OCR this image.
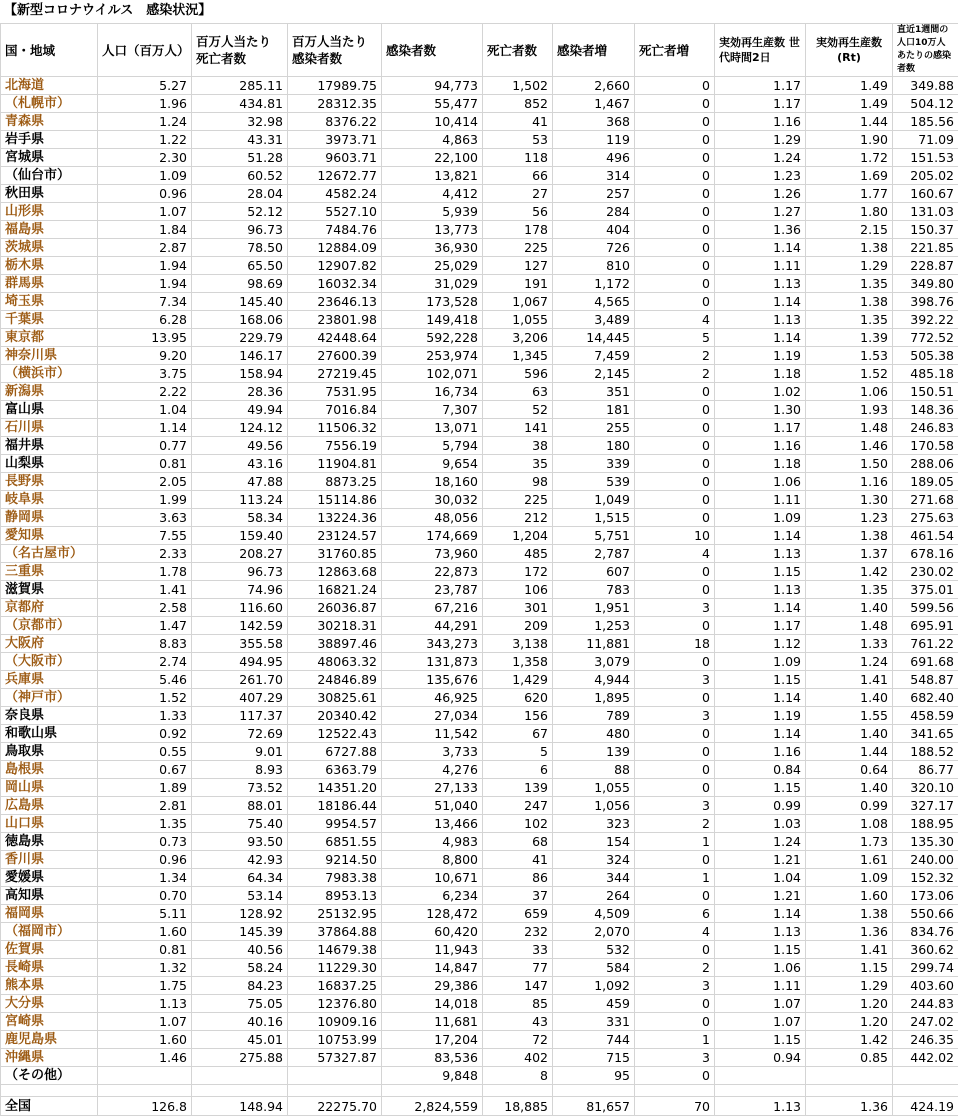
【新型コロナウイルス　感染状況】
国・地域	人口（百万人）	百万人当たり死亡者数	百万人当たり感染者数	感染者数	死亡者数	感染者増	死亡者増	実効再生産数 世代時間2日	実効再生産数 (Rt)	直近1週間の人口10万人あたりの感染者数
北海道	5.27	285.11	17989.75	94,773	1,502	2,660	0	1.17	1.49	349.88
（札幌市）	1.96	434.81	28312.35	55,477	852	1,467	0	1.17	1.49	504.12
青森県	1.24	32.98	8376.22	10,414	41	368	0	1.16	1.44	185.56
岩手県	1.22	43.31	3973.71	4,863	53	119	0	1.29	1.90	71.09
宮城県	2.30	51.28	9603.71	22,100	118	496	0	1.24	1.72	151.53
（仙台市）	1.09	60.52	12672.77	13,821	66	314	0	1.23	1.69	205.02
秋田県	0.96	28.04	4582.24	4,412	27	257	0	1.26	1.77	160.67
山形県	1.07	52.12	5527.10	5,939	56	284	0	1.27	1.80	131.03
福島県	1.84	96.73	7484.76	13,773	178	404	0	1.36	2.15	150.37
茨城県	2.87	78.50	12884.09	36,930	225	726	0	1.14	1.38	221.85
栃木県	1.94	65.50	12907.82	25,029	127	810	0	1.11	1.29	228.87
群馬県	1.94	98.69	16032.34	31,029	191	1,172	0	1.13	1.35	349.80
埼玉県	7.34	145.40	23646.13	173,528	1,067	4,565	0	1.14	1.38	398.76
千葉県	6.28	168.06	23801.98	149,418	1,055	3,489	4	1.13	1.35	392.22
東京都	13.95	229.79	42448.64	592,228	3,206	14,445	5	1.14	1.39	772.52
神奈川県	9.20	146.17	27600.39	253,974	1,345	7,459	2	1.19	1.53	505.38
（横浜市）	3.75	158.94	27219.45	102,071	596	2,145	2	1.18	1.52	485.18
新潟県	2.22	28.36	7531.95	16,734	63	351	0	1.02	1.06	150.51
富山県	1.04	49.94	7016.84	7,307	52	181	0	1.30	1.93	148.36
石川県	1.14	124.12	11506.32	13,071	141	255	0	1.17	1.48	246.83
福井県	0.77	49.56	7556.19	5,794	38	180	0	1.16	1.46	170.58
山梨県	0.81	43.16	11904.81	9,654	35	339	0	1.18	1.50	288.06
長野県	2.05	47.88	8873.25	18,160	98	539	0	1.06	1.16	189.05
岐阜県	1.99	113.24	15114.86	30,032	225	1,049	0	1.11	1.30	271.68
静岡県	3.63	58.34	13224.36	48,056	212	1,515	0	1.09	1.23	275.63
愛知県	7.55	159.40	23124.57	174,669	1,204	5,751	10	1.14	1.38	461.54
（名古屋市）	2.33	208.27	31760.85	73,960	485	2,787	4	1.13	1.37	678.16
三重県	1.78	96.73	12863.68	22,873	172	607	0	1.15	1.42	230.02
滋賀県	1.41	74.96	16821.24	23,787	106	783	0	1.13	1.35	375.01
京都府	2.58	116.60	26036.87	67,216	301	1,951	3	1.14	1.40	599.56
（京都市）	1.47	142.59	30218.31	44,291	209	1,253	0	1.17	1.48	695.91
大阪府	8.83	355.58	38897.46	343,273	3,138	11,881	18	1.12	1.33	761.22
（大阪市）	2.74	494.95	48063.32	131,873	1,358	3,079	0	1.09	1.24	691.68
兵庫県	5.46	261.70	24846.89	135,676	1,429	4,944	3	1.15	1.41	548.87
（神戸市）	1.52	407.29	30825.61	46,925	620	1,895	0	1.14	1.40	682.40
奈良県	1.33	117.37	20340.42	27,034	156	789	3	1.19	1.55	458.59
和歌山県	0.92	72.69	12522.43	11,542	67	480	0	1.14	1.40	341.65
鳥取県	0.55	9.01	6727.88	3,733	5	139	0	1.16	1.44	188.52
島根県	0.67	8.93	6363.79	4,276	6	88	0	0.84	0.64	86.77
岡山県	1.89	73.52	14351.20	27,133	139	1,055	0	1.15	1.40	320.10
広島県	2.81	88.01	18186.44	51,040	247	1,056	3	0.99	0.99	327.17
山口県	1.35	75.40	9954.57	13,466	102	323	2	1.03	1.08	188.95
徳島県	0.73	93.50	6851.55	4,983	68	154	1	1.24	1.73	135.30
香川県	0.96	42.93	9214.50	8,800	41	324	0	1.21	1.61	240.00
愛媛県	1.34	64.34	7983.38	10,671	86	344	1	1.04	1.09	152.32
高知県	0.70	53.14	8953.13	6,234	37	264	0	1.21	1.60	173.06
福岡県	5.11	128.92	25132.95	128,472	659	4,509	6	1.14	1.38	550.66
（福岡市）	1.60	145.39	37864.88	60,420	232	2,070	4	1.13	1.36	834.76
佐賀県	0.81	40.56	14679.38	11,943	33	532	0	1.15	1.41	360.62
長崎県	1.32	58.24	11229.30	14,847	77	584	2	1.06	1.15	299.74
熊本県	1.75	84.23	16837.25	29,386	147	1,092	3	1.11	1.29	403.60
大分県	1.13	75.05	12376.80	14,018	85	459	0	1.07	1.20	244.83
宮崎県	1.07	40.16	10909.16	11,681	43	331	0	1.07	1.20	247.02
鹿児島県	1.60	45.01	10753.99	17,204	72	744	1	1.15	1.42	246.35
沖縄県	1.46	275.88	57327.87	83,536	402	715	3	0.94	0.85	442.02
（その他）				9,848	8	95	0			

全国	126.8	148.94	22275.70	2,824,559	18,885	81,657	70	1.13	1.36	424.19
